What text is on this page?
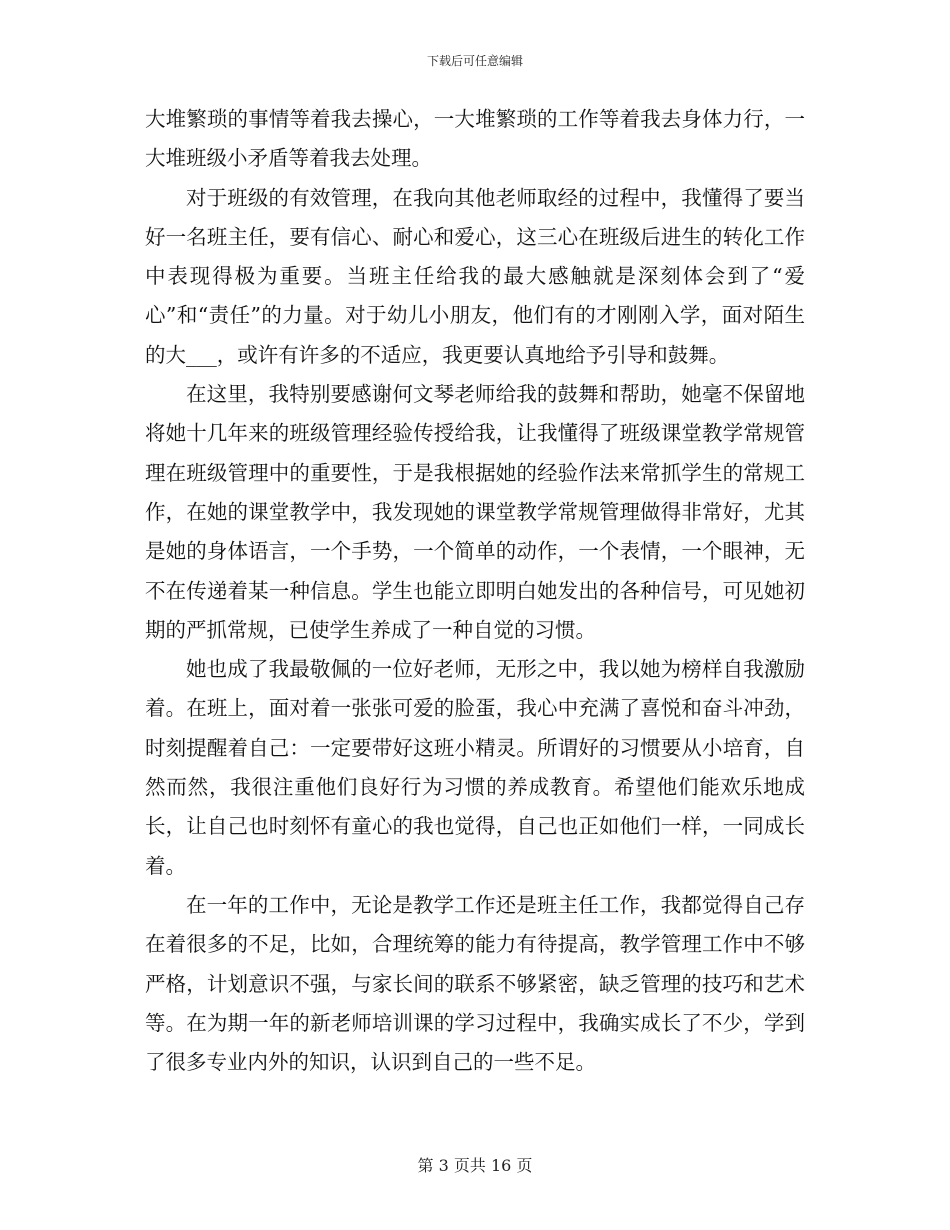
下载后可任意编辑

大堆繁琐的事情等着我去操心，一大堆繁琐的工作等着我去身体力行，一大堆班级小矛盾等着我去处理。

对于班级的有效管理，在我向其他老师取经的过程中，我懂得了要当好一名班主任，要有信心、耐心和爱心，这三心在班级后进生的转化工作中表现得极为重要。当班主任给我的最大感触就是深刻体会到了“爱心”和“责任”的力量。对于幼儿小朋友，他们有的才刚刚入学，面对陌生的大___，或许有许多的不适应，我更要认真地给予引导和鼓舞。

在这里，我特别要感谢何文琴老师给我的鼓舞和帮助，她毫不保留地将她十几年来的班级管理经验传授给我，让我懂得了班级课堂教学常规管理在班级管理中的重要性，于是我根据她的经验作法来常抓学生的常规工作，在她的课堂教学中，我发现她的课堂教学常规管理做得非常好，尤其是她的身体语言，一个手势，一个简单的动作，一个表情，一个眼神，无不在传递着某一种信息。学生也能立即明白她发出的各种信号，可见她初期的严抓常规，已使学生养成了一种自觉的习惯。

她也成了我最敬佩的一位好老师，无形之中，我以她为榜样自我激励着。在班上，面对着一张张可爱的脸蛋，我心中充满了喜悦和奋斗冲劲，时刻提醒着自己：一定要带好这班小精灵。所谓好的习惯要从小培育，自然而然，我很注重他们良好行为习惯的养成教育。希望他们能欢乐地成长，让自己也时刻怀有童心的我也觉得，自己也正如他们一样，一同成长着。

在一年的工作中，无论是教学工作还是班主任工作，我都觉得自己存在着很多的不足，比如，合理统筹的能力有待提高，教学管理工作中不够严格，计划意识不强，与家长间的联系不够紧密，缺乏管理的技巧和艺术等。在为期一年的新老师培训课的学习过程中，我确实成长了不少，学到了很多专业内外的知识，认识到自己的一些不足。

第 3 页共 16 页
